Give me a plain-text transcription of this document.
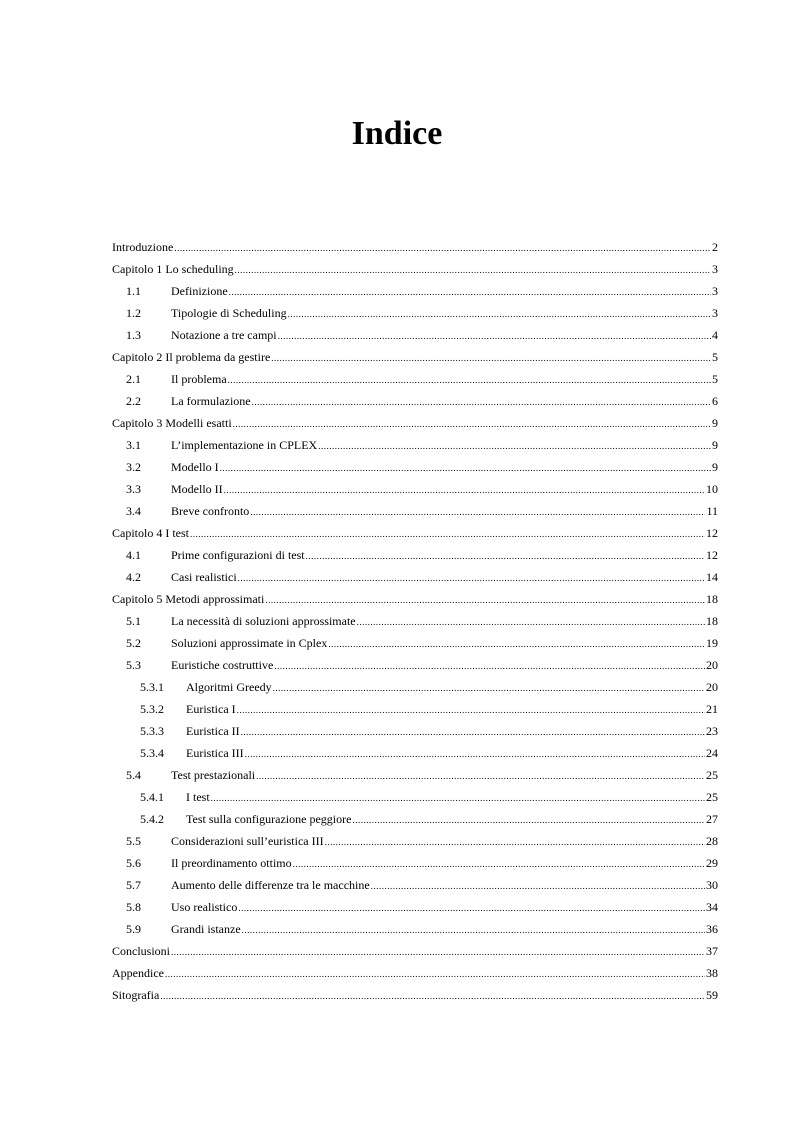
Indice
Introduzione .....	2
Capitolo 1 Lo scheduling .....	3
1.1	Definizione .....	3
1.2	Tipologie di Scheduling .....	3
1.3	Notazione a tre campi .....	4
Capitolo 2 Il problema da gestire .....	5
2.1	Il problema .....	5
2.2	La formulazione .....	6
Capitolo 3 Modelli esatti .....	9
3.1	L’implementazione in CPLEX .....	9
3.2	Modello I .....	9
3.3	Modello II .....	10
3.4	Breve confronto .....	11
Capitolo 4 I test .....	12
4.1	Prime configurazioni di test .....	12
4.2	Casi realistici .....	14
Capitolo 5 Metodi approssimati .....	18
5.1	La necessità di soluzioni approssimate .....	18
5.2	Soluzioni approssimate in Cplex .....	19
5.3	Euristiche costruttive .....	20
5.3.1	Algoritmi Greedy .....	20
5.3.2	Euristica I .....	21
5.3.3	Euristica II .....	23
5.3.4	Euristica III .....	24
5.4	Test prestazionali .....	25
5.4.1	I test .....	25
5.4.2	Test sulla configurazione peggiore .....	27
5.5	Considerazioni sull’euristica III .....	28
5.6	Il preordinamento ottimo .....	29
5.7	Aumento delle differenze tra le macchine .....	30
5.8	Uso realistico .....	34
5.9	Grandi istanze .....	36
Conclusioni .....	37
Appendice .....	38
Sitografia .....	59
